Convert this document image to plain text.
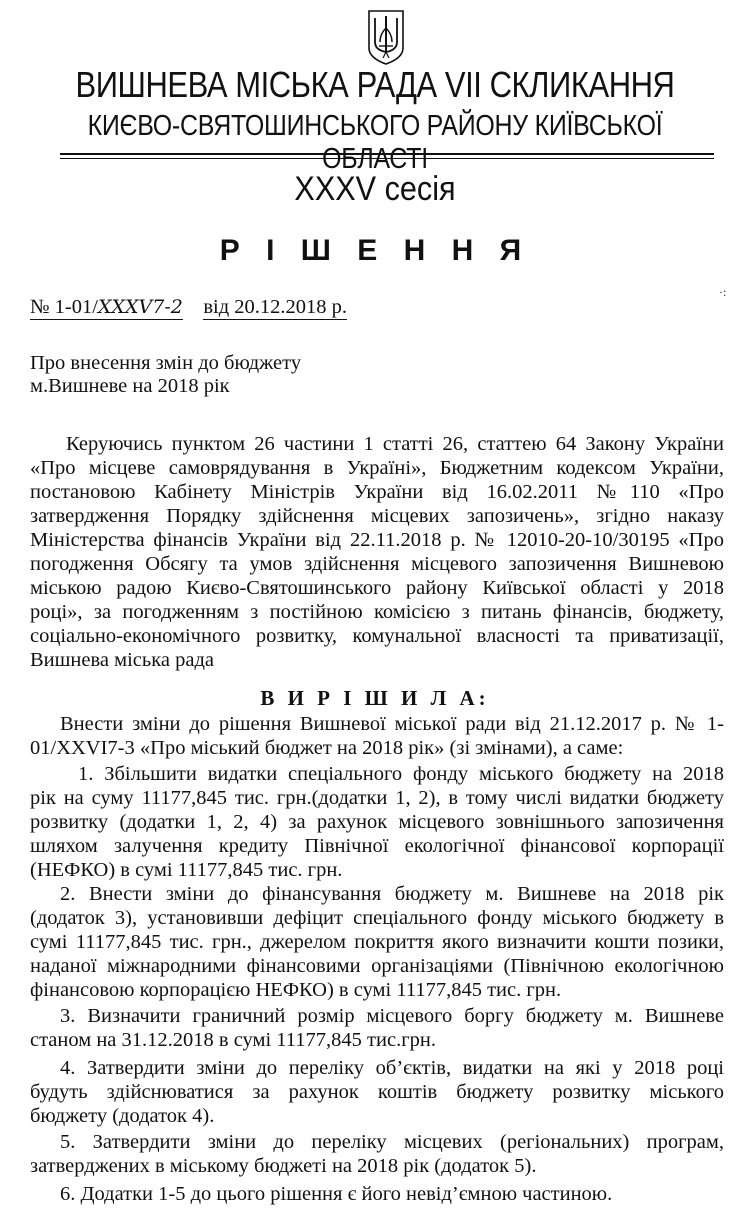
ВИШНЕВА МІСЬКА РАДА VII СКЛИКАННЯ
КИЄВО-СВЯТОШИНСЬКОГО РАЙОНУ КИЇВСЬКОЇ ОБЛАСТІ
XXXV сесія
Р І Ш Е Н Н Я
№ 1-01/XXXV7-2 від 20.12.2018 р.
·:
Про внесення змін до бюджету
м.Вишневе на 2018 рік
Керуючись пунктом 26 частини 1 статті 26, статтею 64 Закону України
«Про місцеве самоврядування в Україні», Бюджетним кодексом України,
постановою Кабінету Міністрів України від 16.02.2011 №110 «Про
затвердження Порядку здійснення місцевих запозичень», згідно наказу
Міністерства фінансів України від 22.11.2018 р. № 12010-20-10/30195 «Про
погодження Обсягу та умов здійснення місцевого запозичення Вишневою
міською радою Києво-Святошинського району Київської області у 2018
році», за погодженням з постійною комісією з питань фінансів, бюджету,
соціально-економічного розвитку, комунальної власності та приватизації,
Вишнева міська рада
В И Р І Ш И Л А:
Внести зміни до рішення Вишневої міської ради від 21.12.2017 р. № 1-
01/XXVI7-3 «Про міський бюджет на 2018 рік» (зі змінами), а саме:
1. Збільшити видатки спеціального фонду міського бюджету на 2018
рік на суму 11177,845 тис. грн.(додатки 1, 2), в тому числі видатки бюджету
розвитку (додатки 1, 2, 4) за рахунок місцевого зовнішнього запозичення
шляхом залучення кредиту Північної екологічної фінансової корпорації
(НЕФКО) в сумі 11177,845 тис. грн.
2. Внести зміни до фінансування бюджету м. Вишневе на 2018 рік
(додаток 3), установивши дефіцит спеціального фонду міського бюджету в
сумі 11177,845 тис. грн., джерелом покриття якого визначити кошти позики,
наданої міжнародними фінансовими організаціями (Північною екологічною
фінансовою корпорацією НЕФКО) в сумі 11177,845 тис. грн.
3. Визначити граничний розмір місцевого боргу бюджету м. Вишневе
станом на 31.12.2018 в сумі 11177,845 тис.грн.
4. Затвердити зміни до переліку об’єктів, видатки на які у 2018 році
будуть здійснюватися за рахунок коштів бюджету розвитку міського
бюджету (додаток 4).
5. Затвердити зміни до переліку місцевих (регіональних) програм,
затверджених в міському бюджеті на 2018 рік (додаток 5).
6. Додатки 1-5 до цього рішення є його невід’ємною частиною.
